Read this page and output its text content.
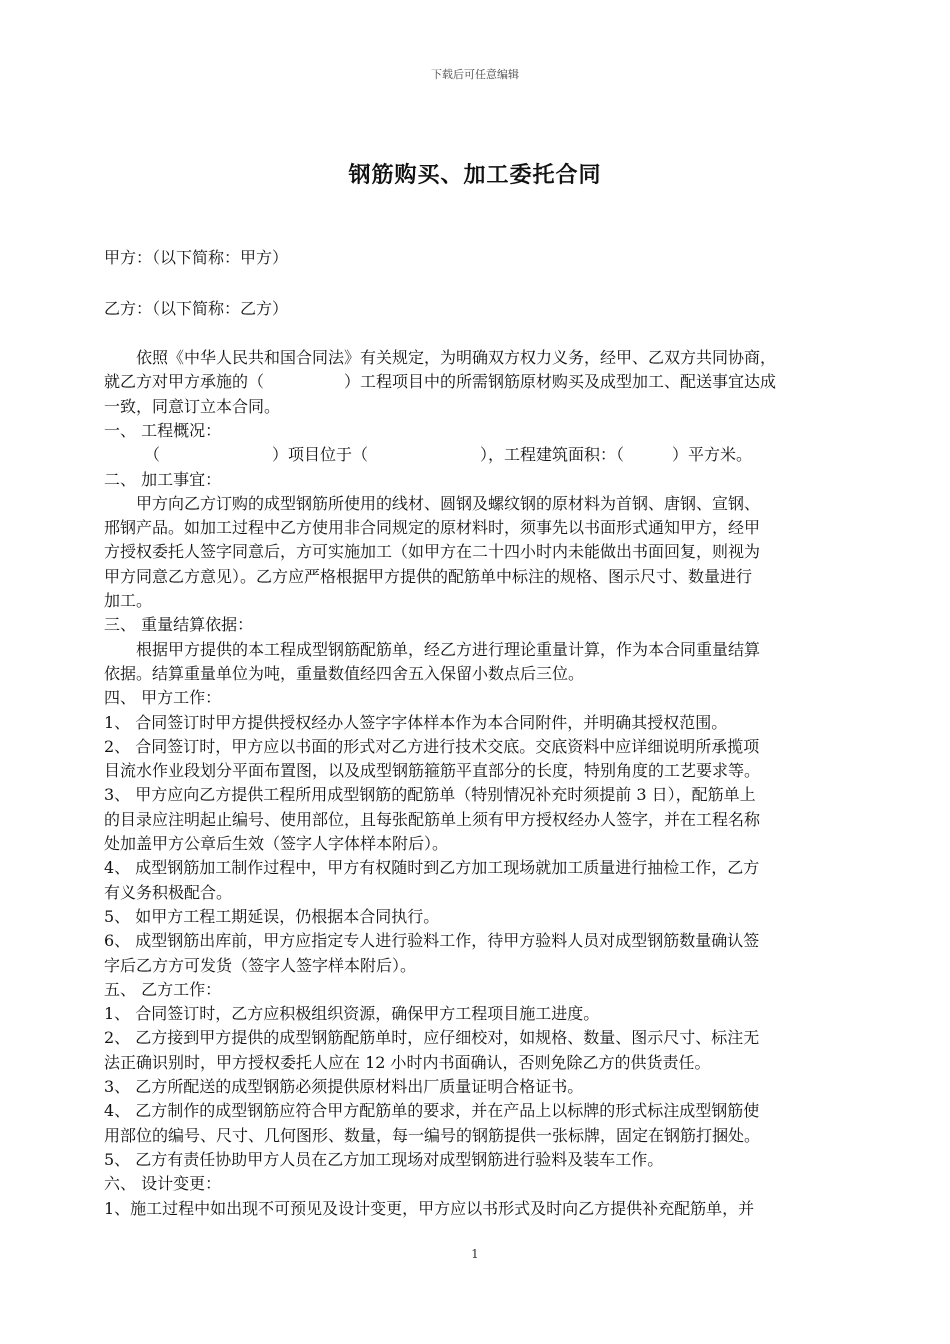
下载后可任意编辑
钢筋购买、加工委托合同
甲方：（以下简称：甲方）
乙方：（以下简称：乙方）
　　依照《中华人民共和国合同法》有关规定，为明确双方权力义务，经甲、乙双方共同协商，
就乙方对甲方承施的（　　　　　）工程项目中的所需钢筋原材购买及成型加工、配送事宜达成
一致，同意订立本合同。
一、 工程概况：
　　　（　　　　　　　）项目位于（　　　　　　　），工程建筑面积：（　　　）平方米。
二、 加工事宜：
　　甲方向乙方订购的成型钢筋所使用的线材、圆钢及螺纹钢的原材料为首钢、唐钢、宣钢、
邢钢产品。如加工过程中乙方使用非合同规定的原材料时，须事先以书面形式通知甲方，经甲
方授权委托人签字同意后，方可实施加工（如甲方在二十四小时内未能做出书面回复，则视为
甲方同意乙方意见）。乙方应严格根据甲方提供的配筋单中标注的规格、图示尺寸、数量进行
加工。
三、 重量结算依据：
　　根据甲方提供的本工程成型钢筋配筋单，经乙方进行理论重量计算，作为本合同重量结算
依据。结算重量单位为吨，重量数值经四舍五入保留小数点后三位。
四、 甲方工作：
1、 合同签订时甲方提供授权经办人签字字体样本作为本合同附件，并明确其授权范围。
2、 合同签订时，甲方应以书面的形式对乙方进行技术交底。交底资料中应详细说明所承揽项
目流水作业段划分平面布置图，以及成型钢筋箍筋平直部分的长度，特别角度的工艺要求等。
3、 甲方应向乙方提供工程所用成型钢筋的配筋单（特别情况补充时须提前 3 日），配筋单上
的目录应注明起止编号、使用部位，且每张配筋单上须有甲方授权经办人签字，并在工程名称
处加盖甲方公章后生效（签字人字体样本附后）。
4、 成型钢筋加工制作过程中，甲方有权随时到乙方加工现场就加工质量进行抽检工作，乙方
有义务积极配合。
5、 如甲方工程工期延误，仍根据本合同执行。
6、 成型钢筋出库前，甲方应指定专人进行验料工作，待甲方验料人员对成型钢筋数量确认签
字后乙方方可发货（签字人签字样本附后）。
五、 乙方工作：
1、 合同签订时，乙方应积极组织资源，确保甲方工程项目施工进度。
2、 乙方接到甲方提供的成型钢筋配筋单时，应仔细校对，如规格、数量、图示尺寸、标注无
法正确识别时，甲方授权委托人应在 12 小时内书面确认，否则免除乙方的供货责任。
3、 乙方所配送的成型钢筋必须提供原材料出厂质量证明合格证书。
4、 乙方制作的成型钢筋应符合甲方配筋单的要求，并在产品上以标牌的形式标注成型钢筋使
用部位的编号、尺寸、几何图形、数量，每一编号的钢筋提供一张标牌，固定在钢筋打捆处。
5、 乙方有责任协助甲方人员在乙方加工现场对成型钢筋进行验料及装车工作。
六、 设计变更：
1、施工过程中如出现不可预见及设计变更，甲方应以书形式及时向乙方提供补充配筋单，并
1
